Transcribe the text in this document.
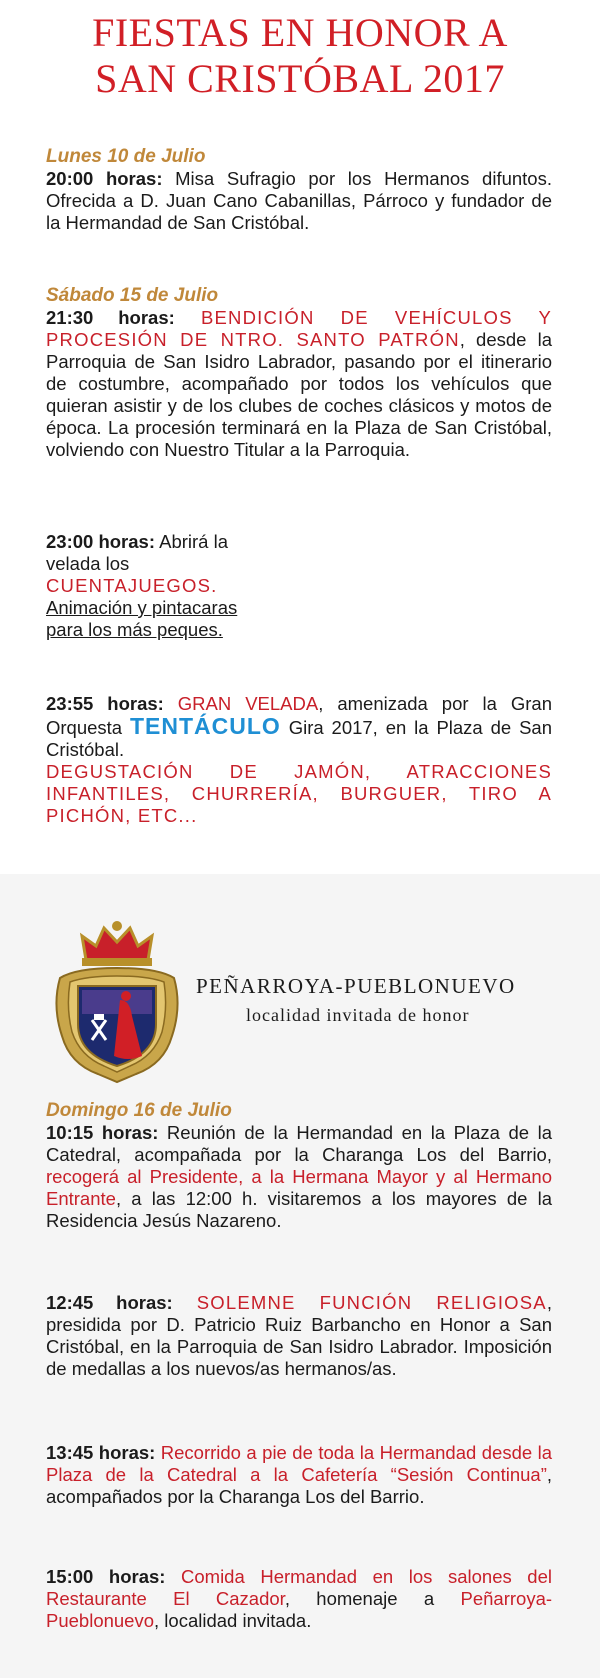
FIESTAS EN HONOR A
SAN CRISTÓBAL 2017
Lunes 10 de Julio

20:00 horas: Misa Sufragio por los Hermanos difuntos. Ofrecida a D. Juan Cano Cabanillas, Párroco y fundador de la Hermandad de San Cristóbal.

Sábado 15 de Julio

21:30 horas: BENDICIÓN DE VEHÍCULOS Y PROCESIÓN DE NTRO. SANTO PATRÓN, desde la Parroquia de San Isidro Labrador, pasando por el itinerario de costumbre, acompañado por todos los vehículos que quieran asistir y de los clubes de coches clásicos y motos de época. La procesión terminará en la Plaza de San Cristóbal, volviendo con Nuestro Titular a la Parroquia.

23:00 horas: Abrirá la velada los
CUENTAJUEGOS.
Animación y pintacaras para los más peques.

23:55 horas: GRAN VELADA, amenizada por la Gran Orquesta TENTÁCULO Gira 2017, en la Plaza de San Cristóbal.
DEGUSTACIÓN DE JAMÓN, ATRACCIONES INFANTILES, CHURRERÍA, BURGUER, TIRO A PICHÓN, ETC...

PEÑARROYA-PUEBLONUEVO
localidad invitada de honor
Domingo 16 de Julio

10:15 horas: Reunión de la Hermandad en la Plaza de la Catedral, acompañada por la Charanga Los del Barrio, recogerá al Presidente, a la Hermana Mayor y al Hermano Entrante, a las 12:00 h. visitaremos a los mayores de la Residencia Jesús Nazareno.

12:45 horas: SOLEMNE FUNCIÓN RELIGIOSA, presidida por D. Patricio Ruiz Barbancho en Honor a San Cristóbal, en la Parroquia de San Isidro Labrador. Imposición de medallas a los nuevos/as hermanos/as.

13:45 horas: Recorrido a pie de toda la Hermandad desde la Plaza de la Catedral a la Cafetería “Sesión Continua”, acompañados por la Charanga Los del Barrio.

15:00 horas: Comida Hermandad en los salones del Restaurante El Cazador, homenaje a Peñarroya-Pueblonuevo, localidad invitada.
